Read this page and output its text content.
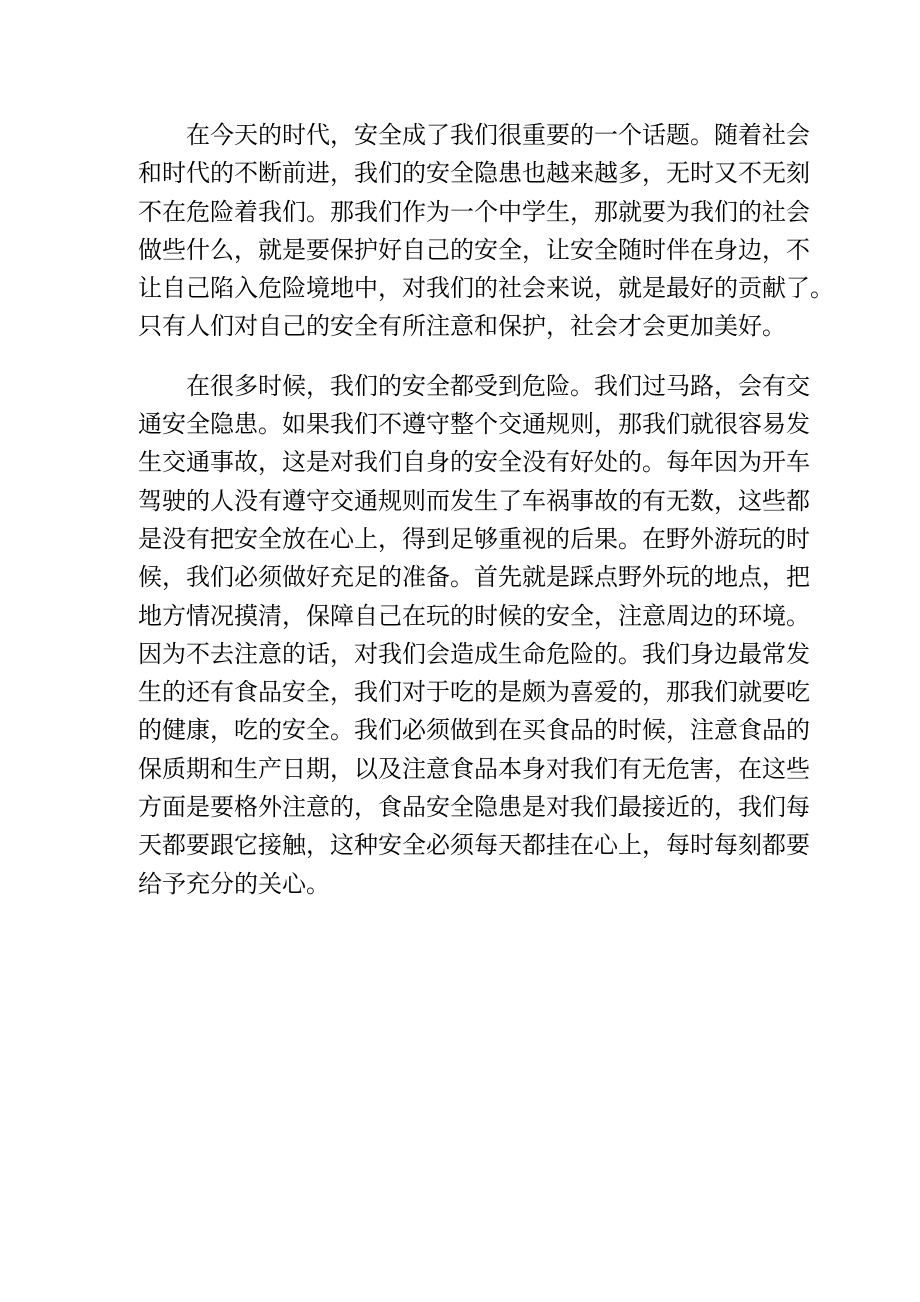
在今天的时代，安全成了我们很重要的一个话题。随着社会
和时代的不断前进，我们的安全隐患也越来越多，无时又不无刻
不在危险着我们。那我们作为一个中学生，那就要为我们的社会
做些什么，就是要保护好自己的安全，让安全随时伴在身边，不
让自己陷入危险境地中，对我们的社会来说，就是最好的贡献了。
只有人们对自己的安全有所注意和保护，社会才会更加美好。
在很多时候，我们的安全都受到危险。我们过马路，会有交
通安全隐患。如果我们不遵守整个交通规则，那我们就很容易发
生交通事故，这是对我们自身的安全没有好处的。每年因为开车
驾驶的人没有遵守交通规则而发生了车祸事故的有无数，这些都
是没有把安全放在心上，得到足够重视的后果。在野外游玩的时
候，我们必须做好充足的准备。首先就是踩点野外玩的地点，把
地方情况摸清，保障自己在玩的时候的安全，注意周边的环境。
因为不去注意的话，对我们会造成生命危险的。我们身边最常发
生的还有食品安全，我们对于吃的是颇为喜爱的，那我们就要吃
的健康，吃的安全。我们必须做到在买食品的时候，注意食品的
保质期和生产日期，以及注意食品本身对我们有无危害，在这些
方面是要格外注意的，食品安全隐患是对我们最接近的，我们每
天都要跟它接触，这种安全必须每天都挂在心上，每时每刻都要
给予充分的关心。
